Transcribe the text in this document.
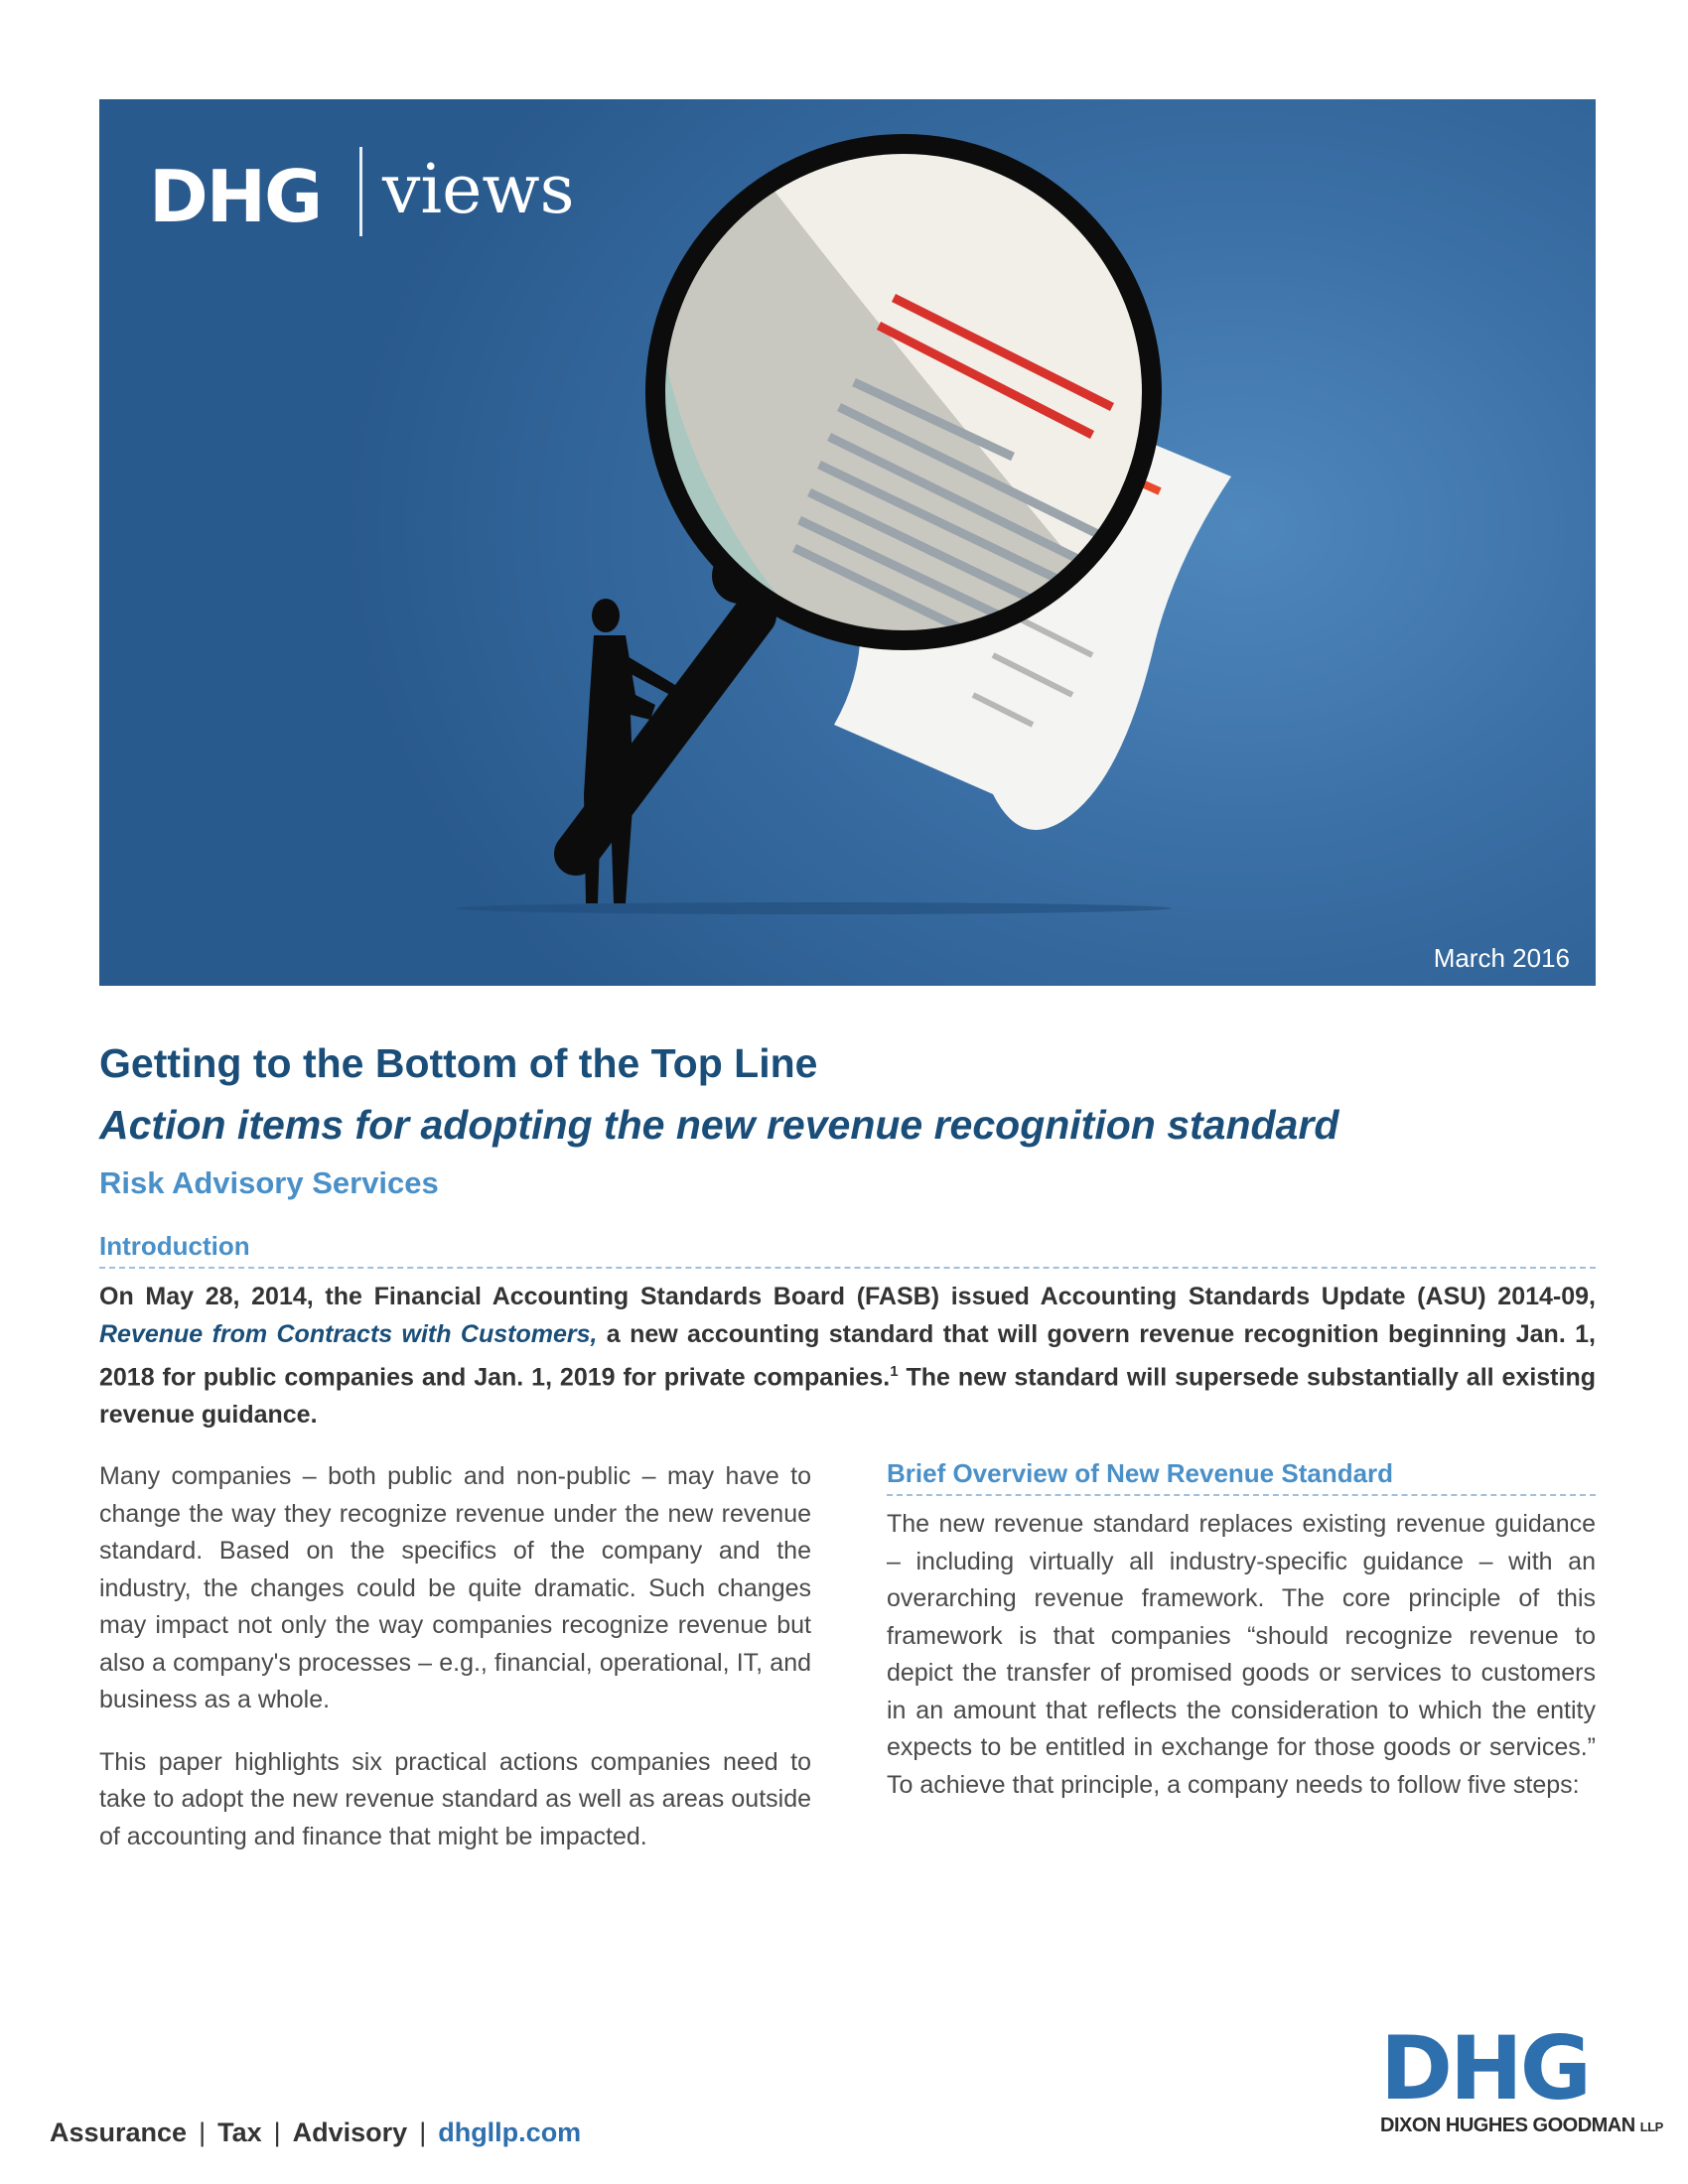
DHG views
March 2016
Getting to the Bottom of the Top Line
Action items for adopting the new revenue recognition standard
Risk Advisory Services
Introduction
On May 28, 2014, the Financial Accounting Standards Board (FASB) issued Accounting Standards Update (ASU) 2014-09, Revenue from Contracts with Customers, a new accounting standard that will govern revenue recognition beginning Jan. 1, 2018 for public companies and Jan. 1, 2019 for private companies.$^1$ The new standard will supersede substantially all existing revenue guidance.

Many companies – both public and non-public – may have to change the way they recognize revenue under the new revenue standard. Based on the specifics of the company and the industry, the changes could be quite dramatic. Such changes may impact not only the way companies recognize revenue but also a company's processes – e.g., financial, operational, IT, and business as a whole.

This paper highlights six practical actions companies need to take to adopt the new revenue standard as well as areas outside of accounting and finance that might be impacted.

Brief Overview of New Revenue Standard

The new revenue standard replaces existing revenue guidance – including virtually all industry-specific guidance – with an overarching revenue framework. The core principle of this framework is that companies “should recognize revenue to depict the transfer of promised goods or services to customers in an amount that reflects the consideration to which the entity expects to be entitled in exchange for those goods or services.” To achieve that principle, a company needs to follow five steps:

Assurance | Tax | Advisory | dhgllp.com
DHG
DIXON HUGHES GOODMAN LLP
